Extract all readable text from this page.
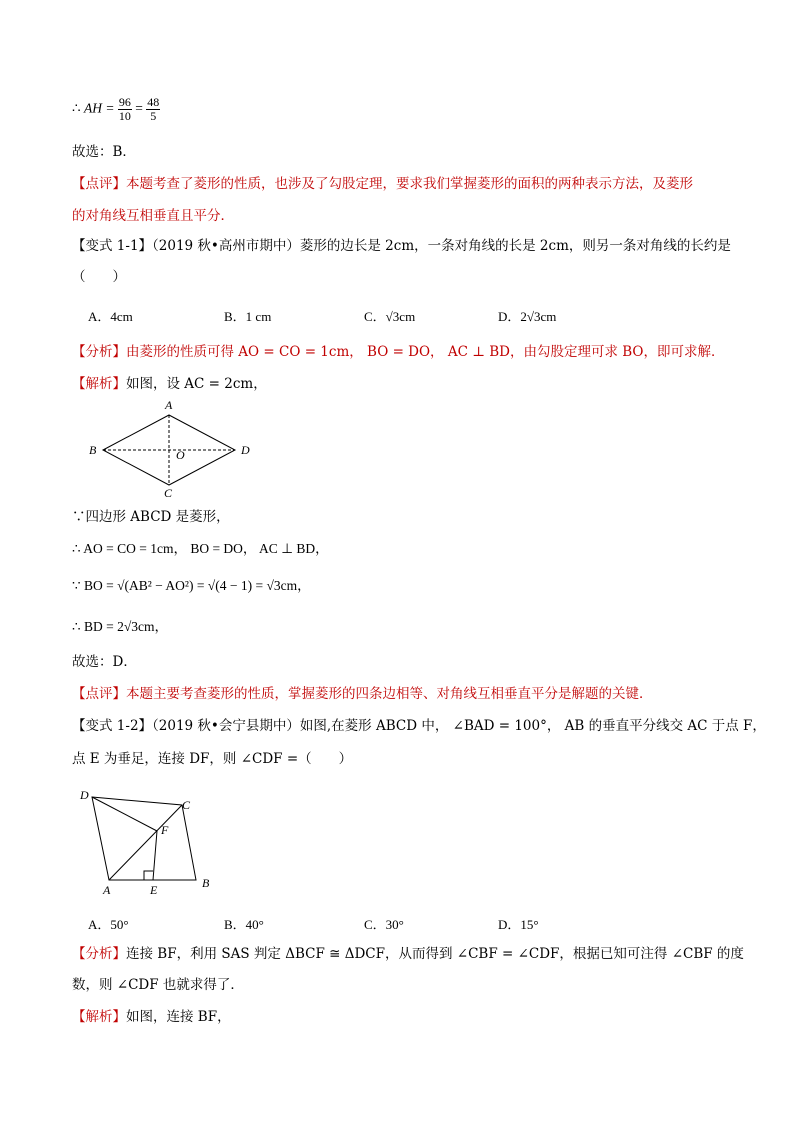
∴ AH = $\frac{96}{10} = \frac{48}{5}$
故选：B．
【点评】本题考查了菱形的性质，也涉及了勾股定理，要求我们掌握菱形的面积的两种表示方法，及菱形
的对角线互相垂直且平分．
【变式 1-1】（2019 秋•高州市期中）菱形的边长是 2cm，一条对角线的长是 2cm，则另一条对角线的长约是
（　　）
A．4cm	B．1 cm	C．√3cm	D．2√3cm
【分析】由菱形的性质可得 AO = CO = 1cm， BO = DO， AC ⊥ BD，由勾股定理可求 BO，即可求解．
【解析】如图，设 AC = 2cm，
A
B	D
C
O
∵四边形 ABCD 是菱形，
∴ AO = CO = 1cm， BO = DO， AC ⊥ BD，
∵ BO = √(AB² − AO²) = √(4 − 1) = √3cm，
∴ BD = 2√3cm，
故选：D．
【点评】本题主要考查菱形的性质，掌握菱形的四条边相等、对角线互相垂直平分是解题的关键．
【变式 1-2】（2019 秋•会宁县期中）如图,在菱形 ABCD 中， ∠BAD = 100°， AB 的垂直平分线交 AC 于点 F，
点 E 为垂足，连接 DF，则 ∠CDF =（　　）
D
C
F
A	E	B
A．50°	B．40°	C．30°	D．15°
【分析】连接 BF，利用 SAS 判定 ΔBCF ≅ ΔDCF，从而得到 ∠CBF = ∠CDF，根据已知可注得 ∠CBF 的度
数，则 ∠CDF 也就求得了．
【解析】如图，连接 BF，
